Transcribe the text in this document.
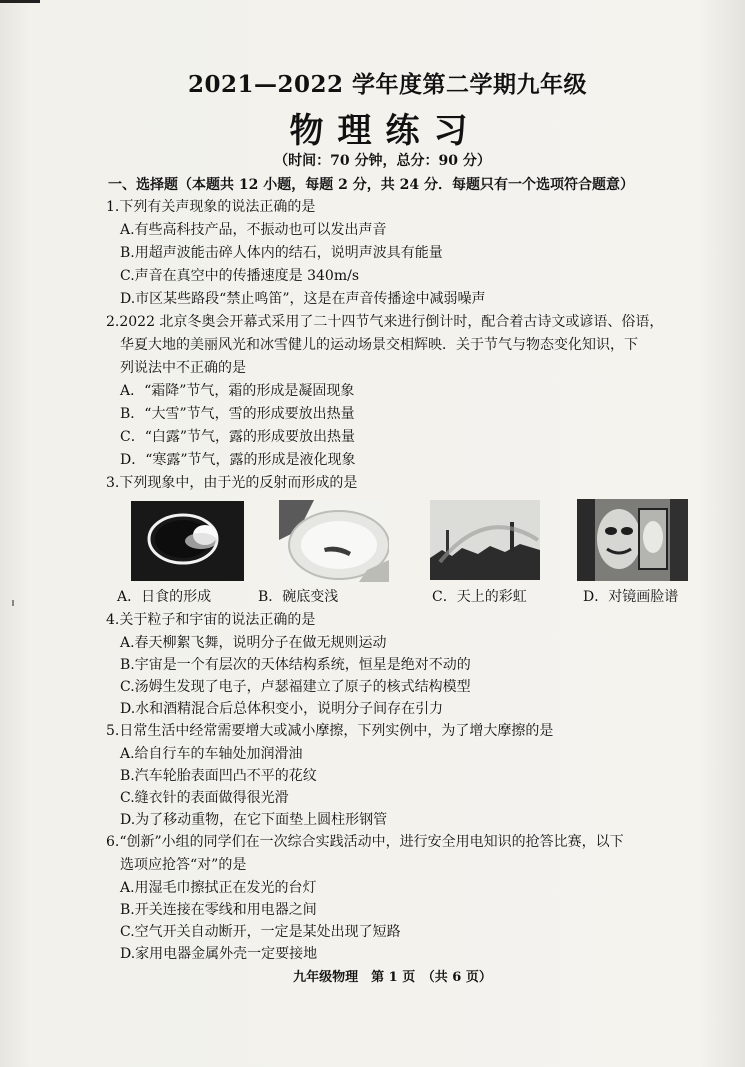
2021—2022 学年度第二学期九年级
物理练习
（时间：70 分钟，总分：90 分）
一、选择题（本题共 12 小题，每题 2 分，共 24 分．每题只有一个选项符合题意）
1.下列有关声现象的说法正确的是
A.有些高科技产品，不振动也可以发出声音
B.用超声波能击碎人体内的结石，说明声波具有能量
C.声音在真空中的传播速度是 340m/s
D.市区某些路段“禁止鸣笛”，这是在声音传播途中减弱噪声
2.2022 北京冬奥会开幕式采用了二十四节气来进行倒计时，配合着古诗文或谚语、俗语，
华夏大地的美丽风光和冰雪健儿的运动场景交相辉映．关于节气与物态变化知识，下
列说法中不正确的是
A．“霜降”节气，霜的形成是凝固现象
B．“大雪”节气，雪的形成要放出热量
C．“白露”节气，露的形成要放出热量
D．“寒露”节气，露的形成是液化现象
3.下列现象中，由于光的反射而形成的是
A．日食的形成	B．碗底变浅	C．天上的彩虹	D．对镜画脸谱
4.关于粒子和宇宙的说法正确的是
A.春天柳絮飞舞，说明分子在做无规则运动
B.宇宙是一个有层次的天体结构系统，恒星是绝对不动的
C.汤姆生发现了电子，卢瑟福建立了原子的核式结构模型
D.水和酒精混合后总体积变小，说明分子间存在引力
5.日常生活中经常需要增大或减小摩擦，下列实例中，为了增大摩擦的是
A.给自行车的车轴处加润滑油
B.汽车轮胎表面凹凸不平的花纹
C.缝衣针的表面做得很光滑
D.为了移动重物，在它下面垫上圆柱形钢管
6.“创新”小组的同学们在一次综合实践活动中，进行安全用电知识的抢答比赛，以下
选项应抢答“对”的是
A.用湿毛巾擦拭正在发光的台灯
B.开关连接在零线和用电器之间
C.空气开关自动断开，一定是某处出现了短路
D.家用电器金属外壳一定要接地
九年级物理　第 1 页　（共 6 页）
